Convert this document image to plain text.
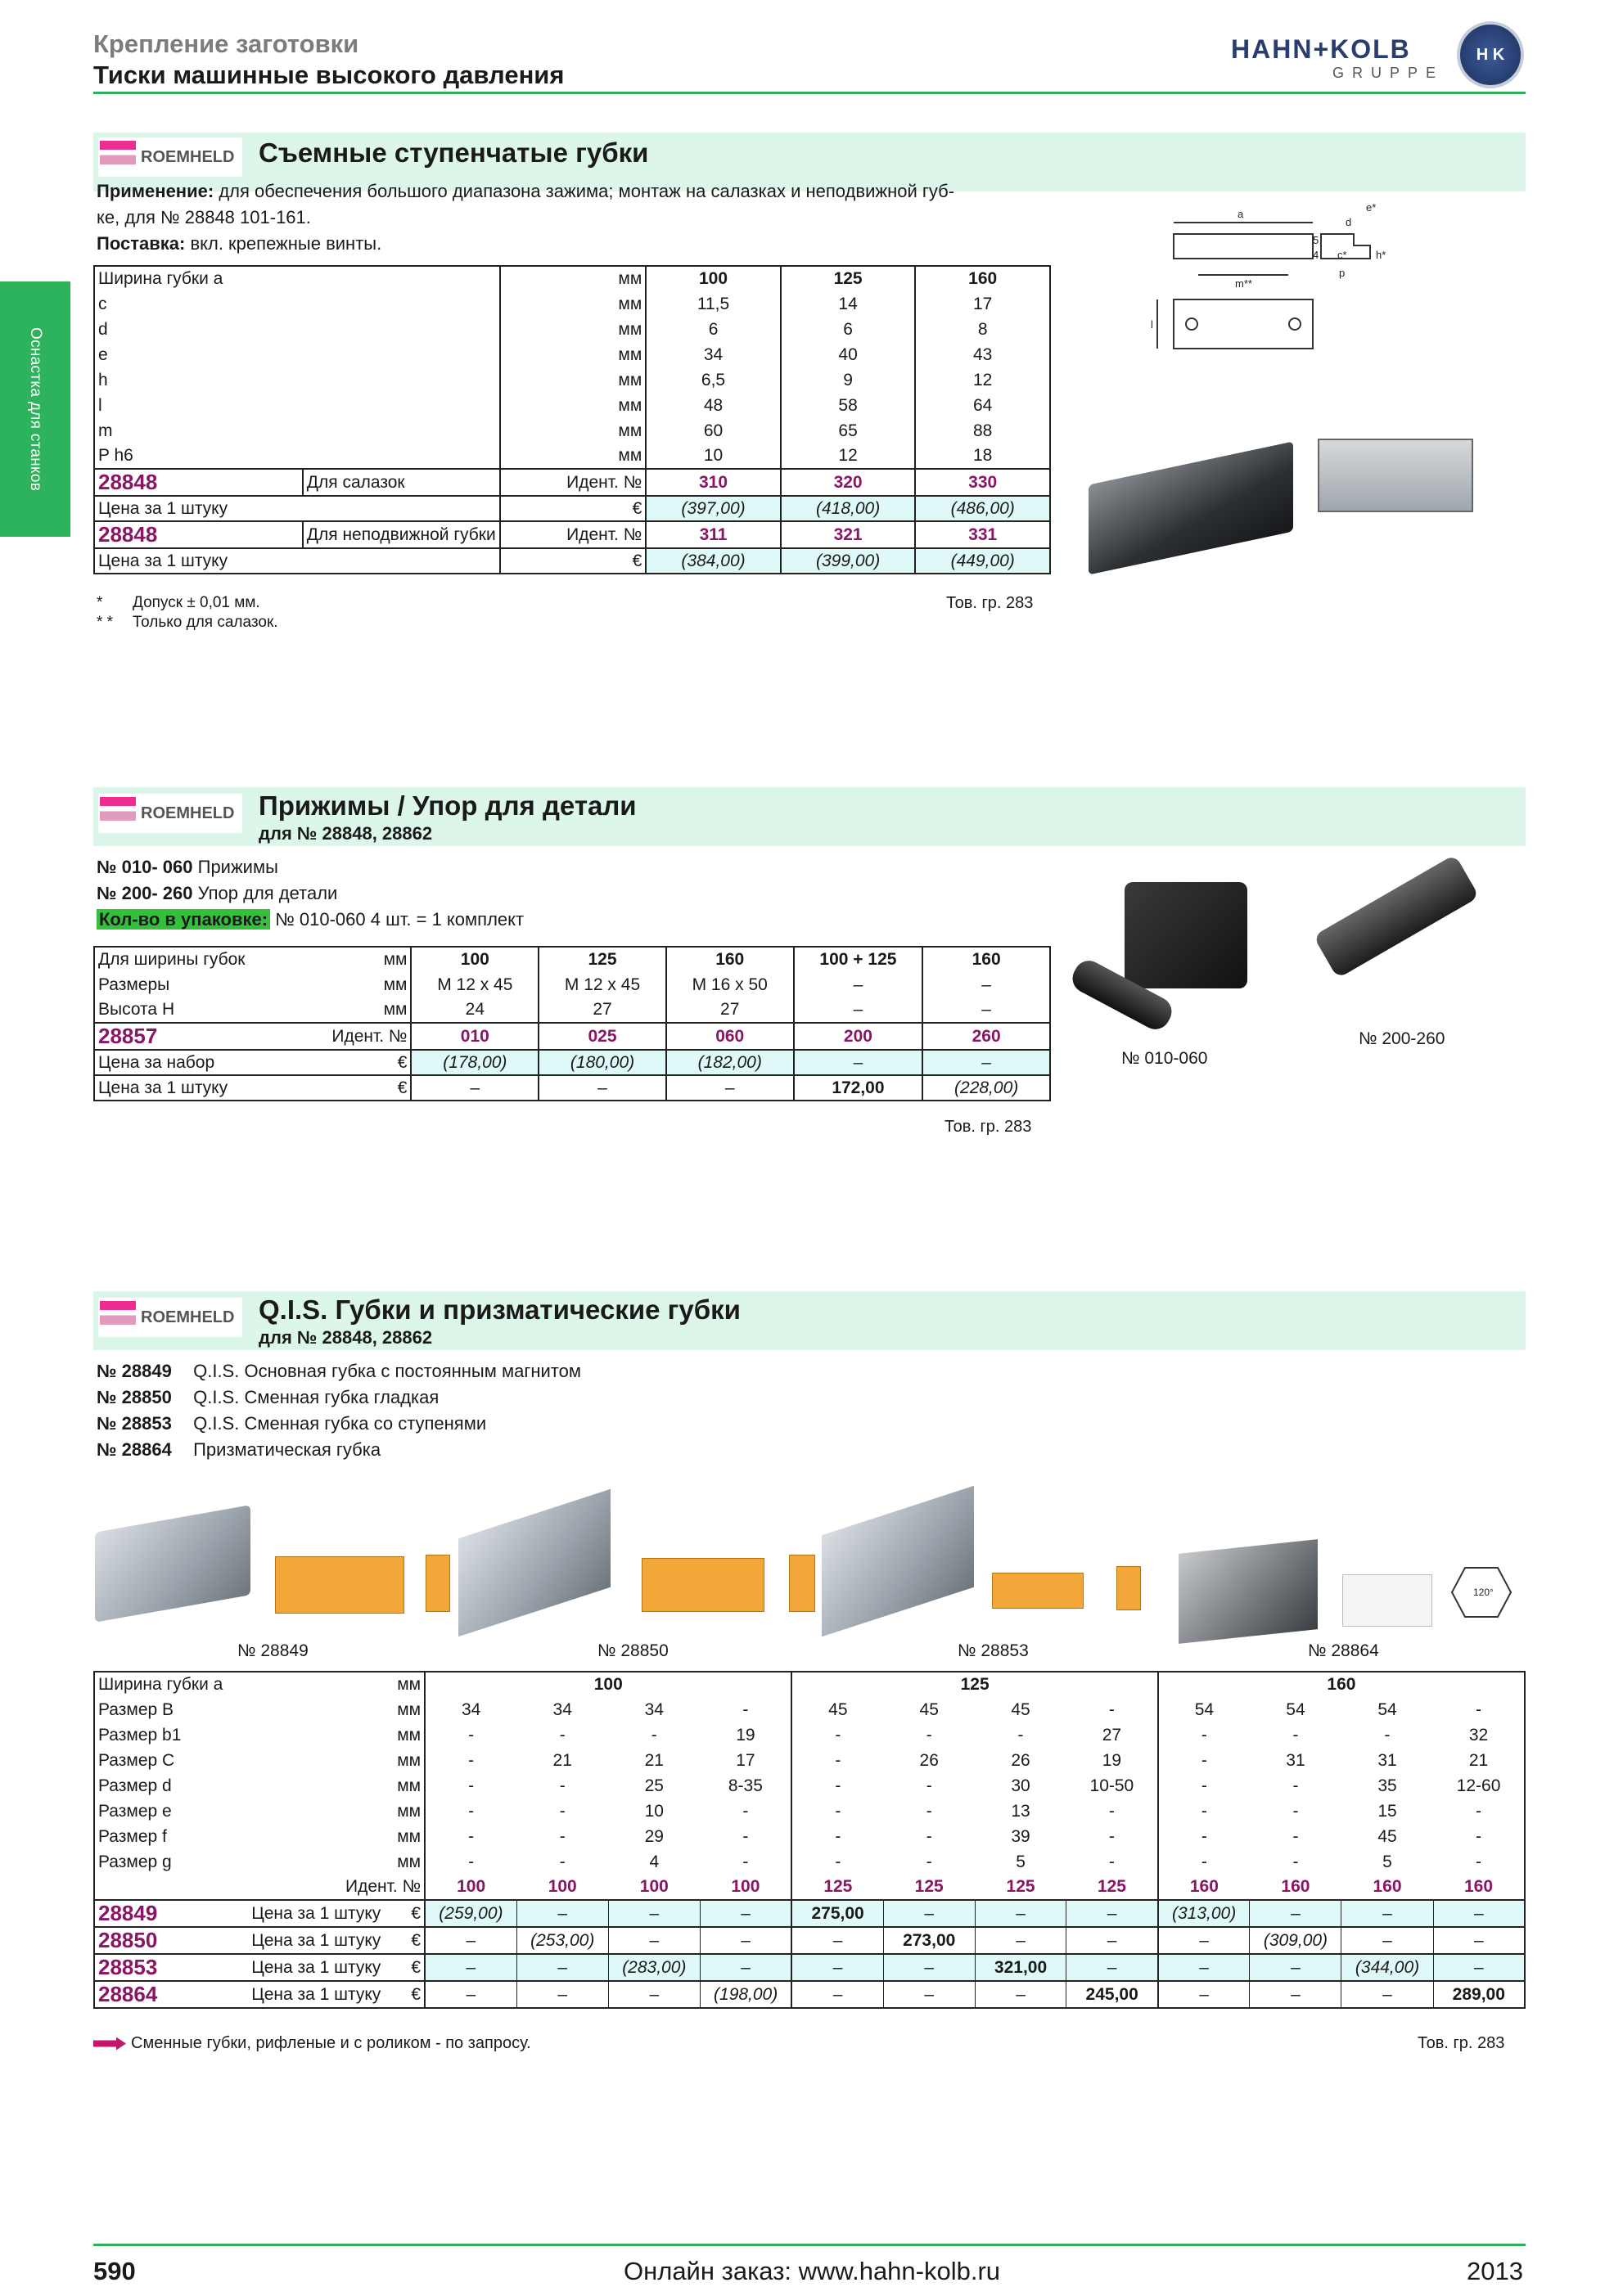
Крепление заготовки
Тиски машинные высокого давления
HAHN+KOLB
GRUPPE
H K
Оснастка для станков
ROEMHELD Съемные ступенчатые губки
Применение: для обеспечения большого диапазона зажима; монтаж на салазках и неподвижной губ-
ке, для № 28848 101-161.
Поставка: вкл. крепежные винты.
Ширина губки a		мм	100	125	160
c		мм	11,5	14	17
d		мм	6	6	8
e		мм	34	40	43
h		мм	6,5	9	12
l		мм	48	58	64
m		мм	60	65	88
P h6		мм	10	12	18
28848	Для салазок	Идент. №	310	320	330
Цена за 1 штуку		€	(397,00)	(418,00)	(486,00)
28848	Для неподвижной губки	Идент. №	311	321	331
Цена за 1 штуку		€	(384,00)	(399,00)	(449,00)
* Допуск ± 0,01 мм.
* * Только для салазок.
Тов. гр. 283
a
m**
p
e*
d
h*
c*
l
5
4
ROEMHELD Прижимы / Упор для детали
для № 28848, 28862
№ 010- 060 Прижимы
№ 200- 260 Упор для детали
Кол-во в упаковке: № 010-060 4 шт. = 1 комплект
Для ширины губок	мм	100	125	160	100 + 125	160
Размеры	мм	M 12 x 45	M 12 x 45	M 16 x 50	–	–
Высота H	мм	24	27	27	–	–
28857	Идент. №	010	025	060	200	260
Цена за набор	€	(178,00)	(180,00)	(182,00)	–	–
Цена за 1 штуку	€	–	–	–	172,00	(228,00)
Тов. гр. 283
№ 010-060
№ 200-260
ROEMHELD Q.I.S. Губки и призматические губки
для № 28848, 28862
№ 28849 Q.I.S. Основная губка с постоянным магнитом
№ 28850 Q.I.S. Сменная губка гладкая
№ 28853 Q.I.S. Сменная губка со ступенями
№ 28864 Призматическая губка
120°
№ 28849	№ 28850	№ 28853	№ 28864
Ширина губки a		мм	100				125				160			
Размер B		мм	34	34	34	-	45	45	45	-	54	54	54	-
Размер b1		мм	-	-	-	19	-	-	-	27	-	-	-	32
Размер C		мм	-	21	21	17	-	26	26	19	-	31	31	21
Размер d		мм	-	-	25	8-35	-	-	30	10-50	-	-	35	12-60
Размер e		мм	-	-	10	-	-	-	13	-	-	-	15	-
Размер f		мм	-	-	29	-	-	-	39	-	-	-	45	-
Размер g		мм	-	-	4	-	-	-	5	-	-	-	5	-
Идент. №			100	100	100	100	125	125	125	125	160	160	160	160
28849	Цена за 1 штуку	€	(259,00)	–	–	–	275,00	–	–	–	(313,00)	–	–	–
28850	Цена за 1 штуку	€	–	(253,00)	–	–	–	273,00	–	–	–	(309,00)	–	–
28853	Цена за 1 штуку	€	–	–	(283,00)	–	–	–	321,00	–	–	–	(344,00)	–
28864	Цена за 1 штуку	€	–	–	–	(198,00)	–	–	–	245,00	–	–	–	289,00
Сменные губки, рифленые и с роликом - по запросу.	Тов. гр. 283
590	Онлайн заказ: www.hahn-kolb.ru	2013
